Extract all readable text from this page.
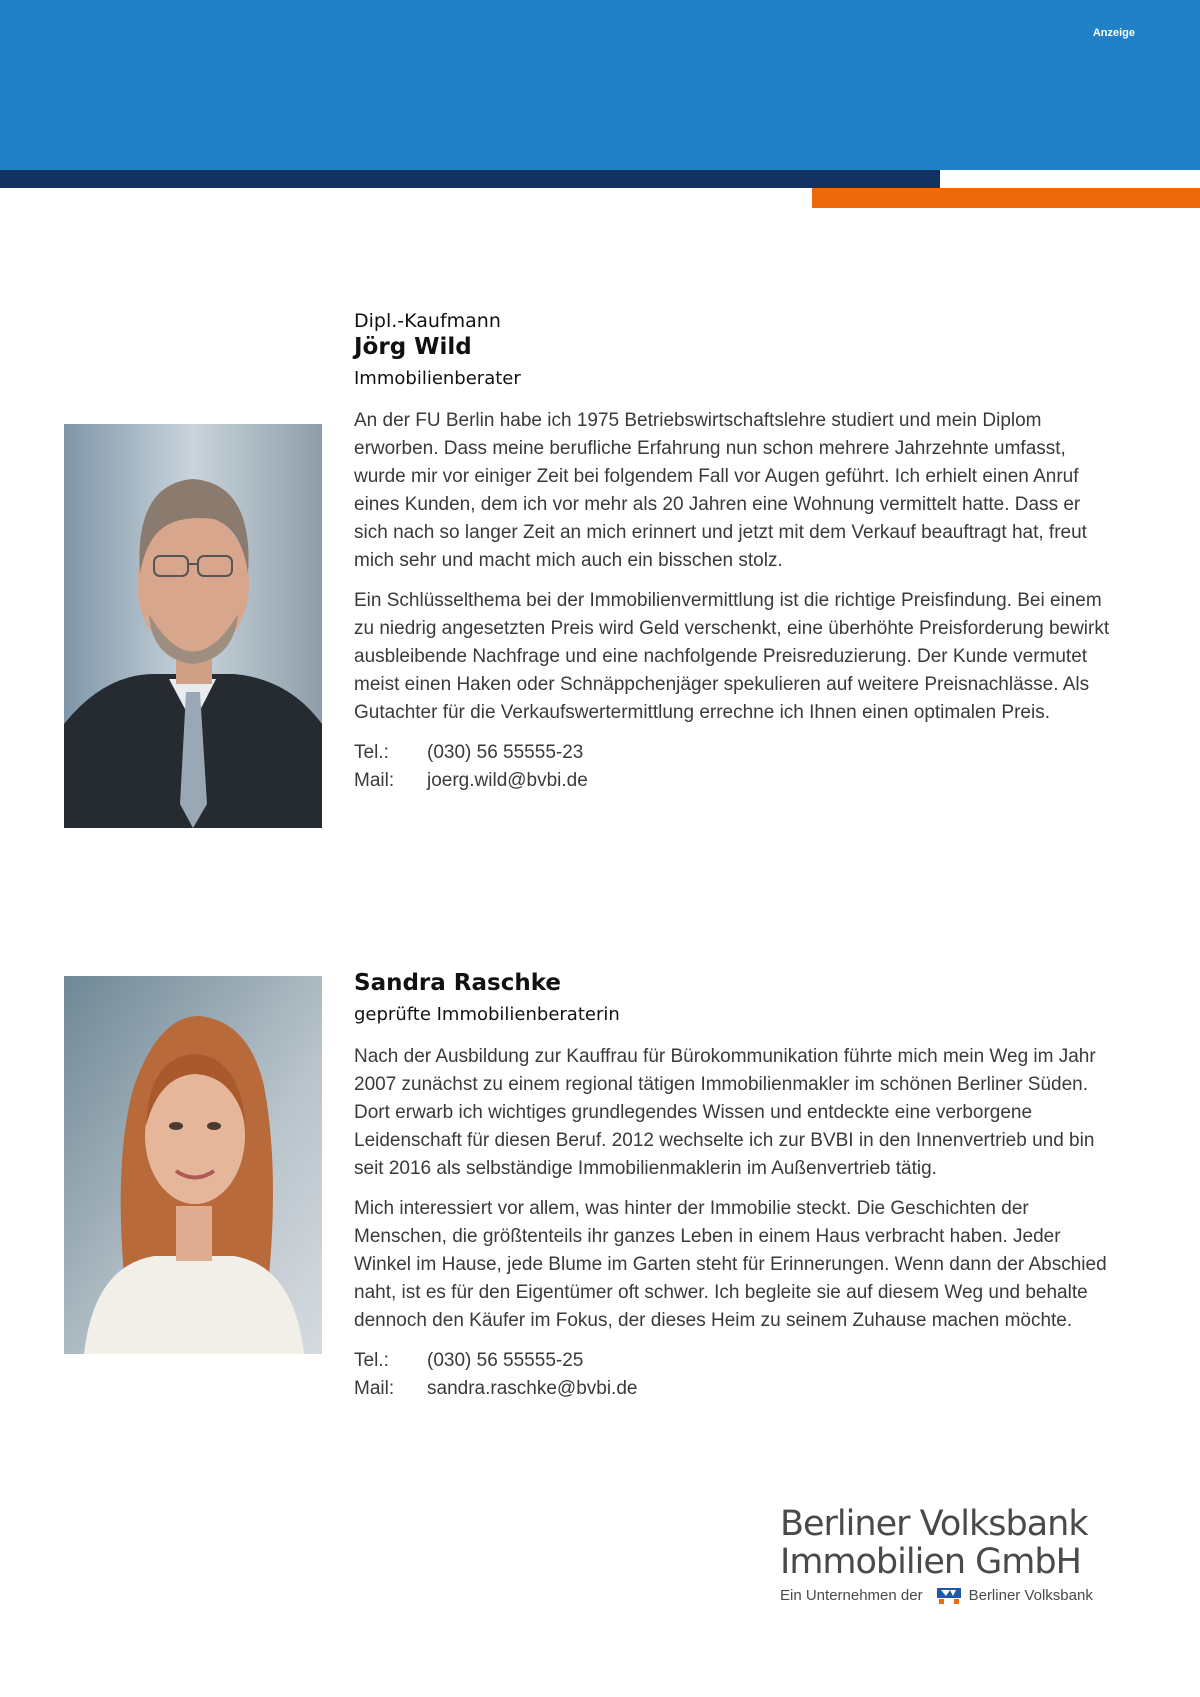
Anzeige

Dipl.-Kaufmann

Jörg Wild

Immobilienberater

An der FU Berlin habe ich 1975 Betriebswirtschaftslehre studiert und mein Diplom erworben. Dass meine berufliche Erfahrung nun schon mehrere Jahrzehnte umfasst, wurde mir vor einiger Zeit bei folgendem Fall vor Augen geführt. Ich erhielt einen Anruf eines Kunden, dem ich vor mehr als 20 Jahren eine Wohnung vermittelt hatte. Dass er sich nach so langer Zeit an mich erinnert und jetzt mit dem Verkauf beauftragt hat, freut mich sehr und macht mich auch ein bisschen stolz.

Ein Schlüsselthema bei der Immobilienvermittlung ist die richtige Preisfindung. Bei einem zu niedrig angesetzten Preis wird Geld verschenkt, eine überhöhte Preisforderung bewirkt ausbleibende Nachfrage und eine nachfolgende Preisreduzierung. Der Kunde vermutet meist einen Haken oder Schnäppchenjäger spekulieren auf weitere Preisnachlässe. Als Gutachter für die Verkaufswertermittlung errechne ich Ihnen einen optimalen Preis.

Tel.:	(030) 56 55555-23
Mail:	joerg.wild@bvbi.de

Sandra Raschke

geprüfte Immobilienberaterin

Nach der Ausbildung zur Kauffrau für Bürokommunikation führte mich mein Weg im Jahr 2007 zunächst zu einem regional tätigen Immobilienmakler im schönen Berliner Süden. Dort erwarb ich wichtiges grundlegendes Wissen und entdeckte eine verborgene Leidenschaft für diesen Beruf. 2012 wechselte ich zur BVBI in den Innenvertrieb und bin seit 2016 als selbständige Immobilienmaklerin im Außenvertrieb tätig.

Mich interessiert vor allem, was hinter der Immobilie steckt. Die Geschichten der Menschen, die größtenteils ihr ganzes Leben in einem Haus verbracht haben. Jeder Winkel im Hause, jede Blume im Garten steht für Erinnerungen. Wenn dann der Abschied naht, ist es für den Eigentümer oft schwer. Ich begleite sie auf diesem Weg und behalte dennoch den Käufer im Fokus, der dieses Heim zu seinem Zuhause machen möchte.

Tel.:	(030) 56 55555-25
Mail:	sandra.raschke@bvbi.de
Berliner Volksbank
Immobilien GmbH
Ein Unternehmen der	Berliner Volksbank
